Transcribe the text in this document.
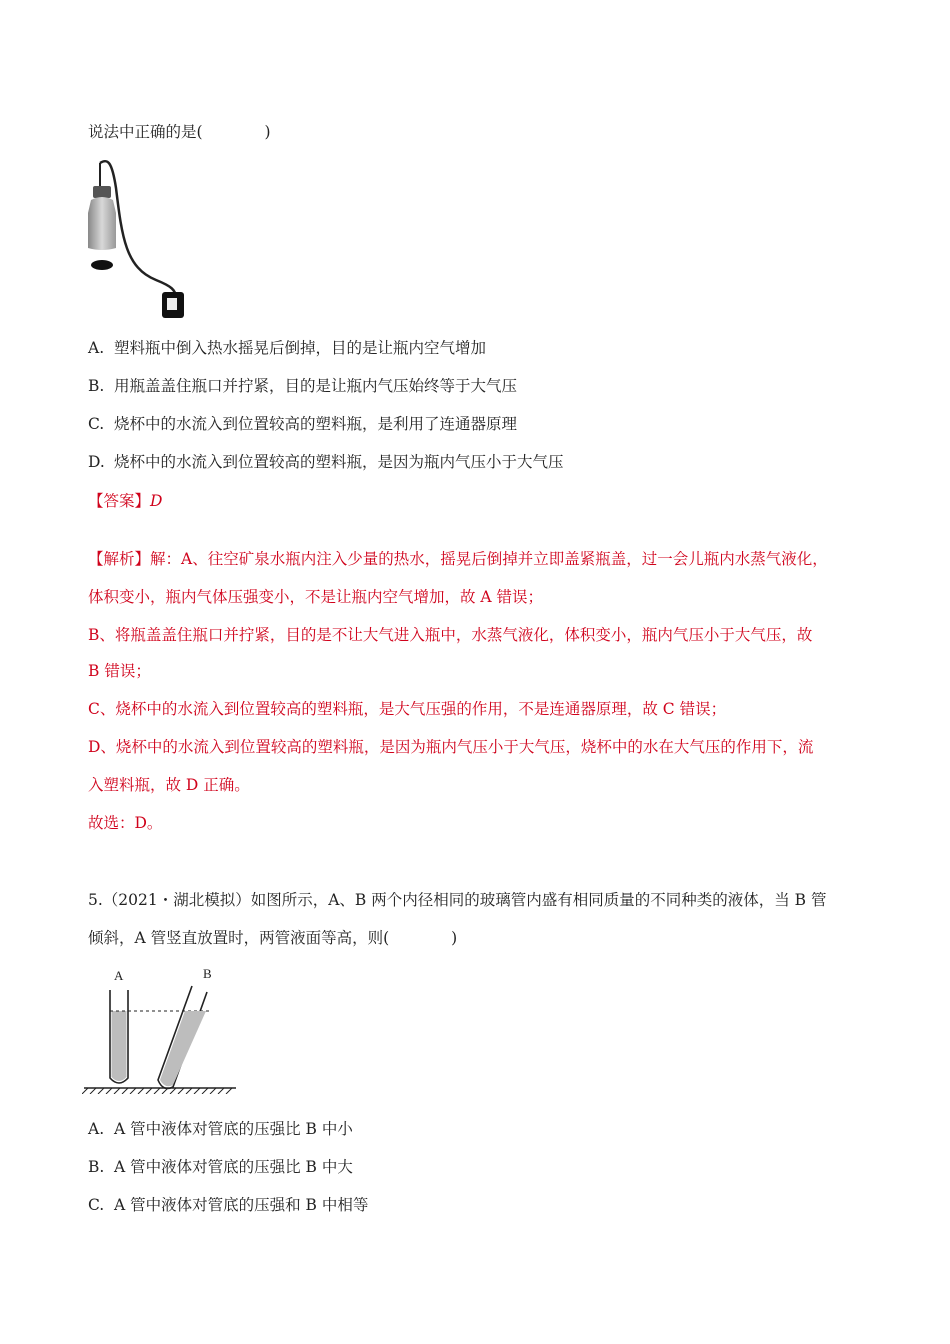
说法中正确的是(　　　　)
A. 塑料瓶中倒入热水摇晃后倒掉，目的是让瓶内空气增加
B. 用瓶盖盖住瓶口并拧紧，目的是让瓶内气压始终等于大气压
C. 烧杯中的水流入到位置较高的塑料瓶，是利用了连通器原理
D. 烧杯中的水流入到位置较高的塑料瓶，是因为瓶内气压小于大气压
【答案】D
【解析】解：A、往空矿泉水瓶内注入少量的热水，摇晃后倒掉并立即盖紧瓶盖，过一会儿瓶内水蒸气液化，
体积变小，瓶内气体压强变小，不是让瓶内空气增加，故 A 错误；
B、将瓶盖盖住瓶口并拧紧，目的是不让大气进入瓶中，水蒸气液化，体积变小，瓶内气压小于大气压，故
B 错误；
C、烧杯中的水流入到位置较高的塑料瓶，是大气压强的作用，不是连通器原理，故 C 错误；
D、烧杯中的水流入到位置较高的塑料瓶，是因为瓶内气压小于大气压，烧杯中的水在大气压的作用下，流
入塑料瓶，故 D 正确。
故选：D。
5.（2021・湖北模拟）如图所示，A、B 两个内径相同的玻璃管内盛有相同质量的不同种类的液体，当 B 管
倾斜，A 管竖直放置时，两管液面等高，则(　　　　)
A	B
A. A 管中液体对管底的压强比 B 中小
B. A 管中液体对管底的压强比 B 中大
C. A 管中液体对管底的压强和 B 中相等
